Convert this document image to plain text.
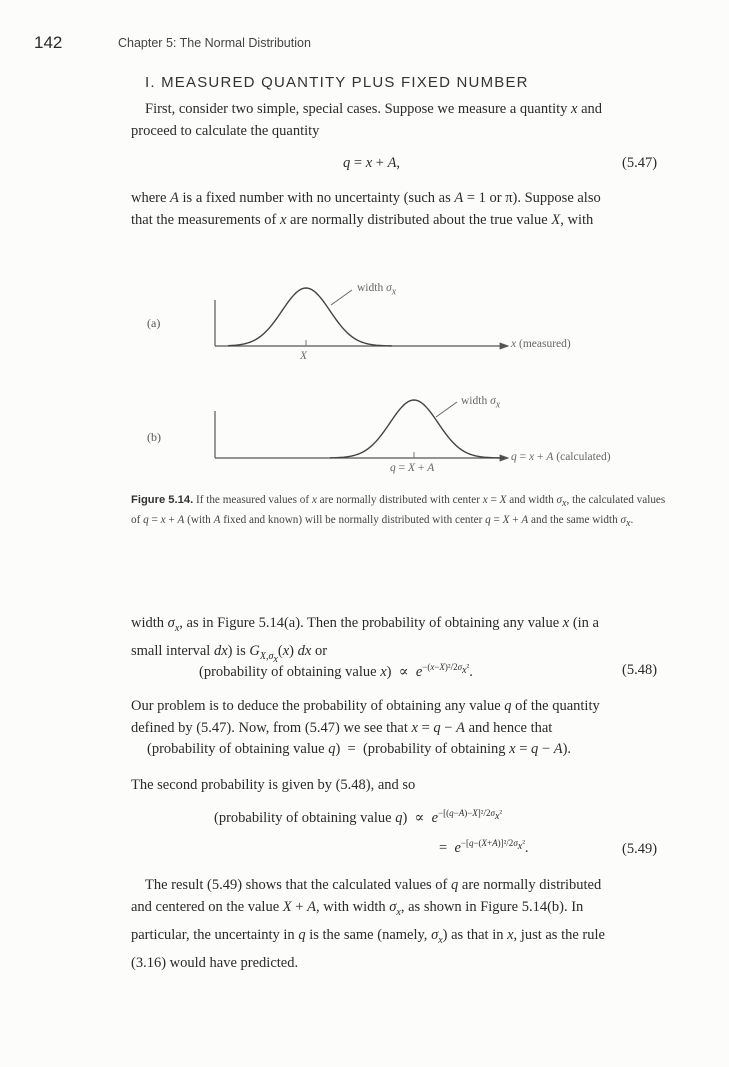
142	Chapter 5: The Normal Distribution
I. MEASURED QUANTITY PLUS FIXED NUMBER
First, consider two simple, special cases. Suppose we measure a quantity x and
proceed to calculate the quantity
q = x + A,	(5.47)
where A is a fixed number with no uncertainty (such as A = 1 or π). Suppose also
that the measurements of x are normally distributed about the true value X, with
(a)
(b)
width $\sigma_x$
X
x (measured)
width $\sigma_x$
q = X + A
q = x + A (calculated)
Figure 5.14. If the measured values of x are normally distributed with center x = X and width $\sigma_x$, the calculated values of q = x + A (with A fixed and known) will be normally distributed with center q = X + A and the same width $\sigma_x$.
width $\sigma_x$, as in Figure 5.14(a). Then the probability of obtaining any value x (in a
small interval dx) is $G_{X,\sigma_x}(x)$ dx or
(probability of obtaining value $x) \propto e^{-(x-X)^2/2\sigma_x^2}$.	(5.48)
Our problem is to deduce the probability of obtaining any value q of the quantity
defined by (5.47). Now, from (5.47) we see that x = q − A and hence that
(probability of obtaining value q)  =  (probability of obtaining x = q − A).
The second probability is given by (5.48), and so
(probability of obtaining value $q) \propto e^{-[(q-A)-X]^2/2\sigma_x^2}$
=  $e^{-[q-(X+A)]^2/2\sigma_x^2}$.	(5.49)
The result (5.49) shows that the calculated values of q are normally distributed
and centered on the value X + A, with width $\sigma_x$, as shown in Figure 5.14(b). In
particular, the uncertainty in q is the same (namely, $\sigma_x$) as that in x, just as the rule
(3.16) would have predicted.
